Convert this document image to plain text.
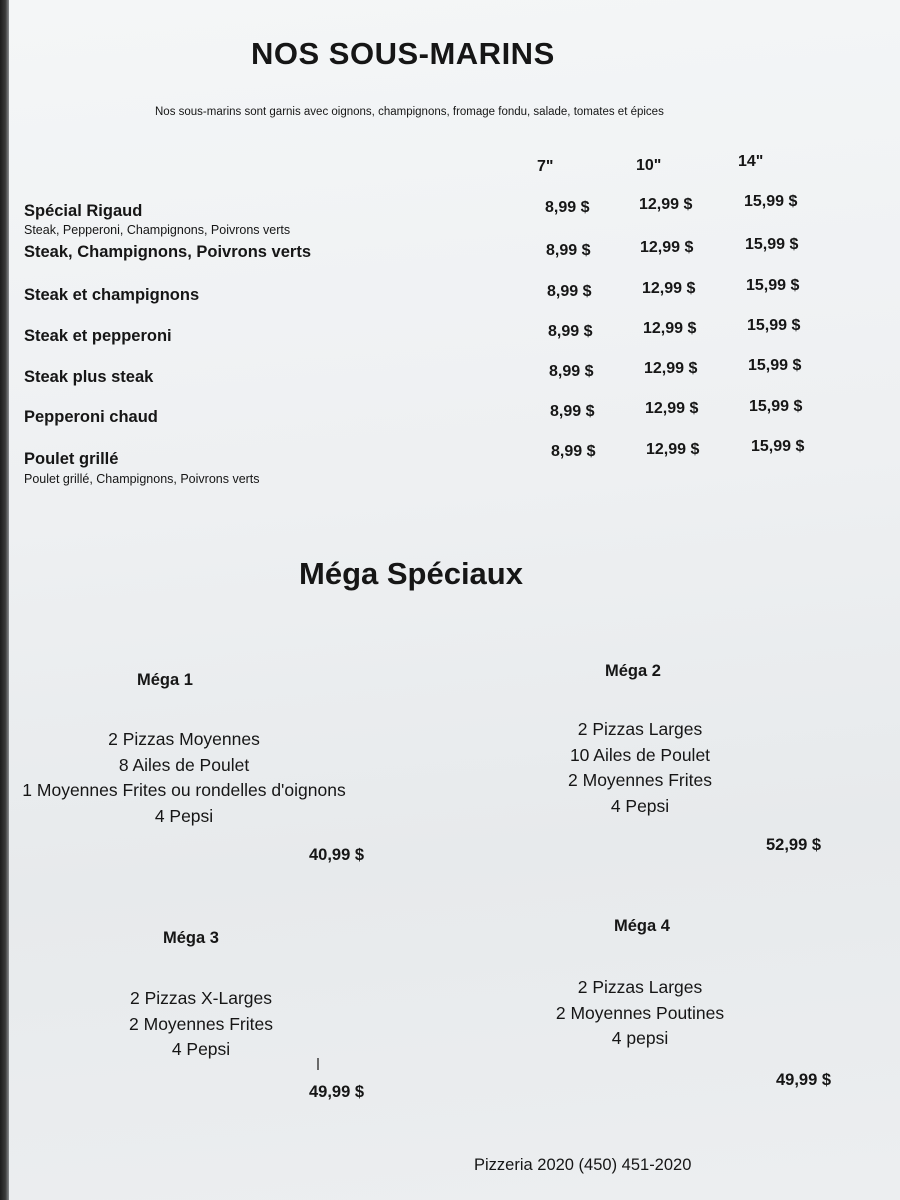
NOS SOUS-MARINS
Nos sous-marins sont garnis avec oignons, champignons, fromage fondu, salade, tomates et épices
7"	10"	14"
Spécial Rigaud
Steak, Pepperoni, Champignons, Poivrons verts
8,99 $	12,99 $	15,99 $
Steak, Champignons, Poivrons verts	8,99 $	12,99 $	15,99 $
Steak et champignons	8,99 $	12,99 $	15,99 $
Steak et pepperoni	8,99 $	12,99 $	15,99 $
Steak plus steak	8,99 $	12,99 $	15,99 $
Pepperoni chaud	8,99 $	12,99 $	15,99 $
Poulet grillé
Poulet grillé, Champignons, Poivrons verts
8,99 $	12,99 $	15,99 $
Méga Spéciaux
Méga 1
2 Pizzas Moyennes
8 Ailes de Poulet
1 Moyennes Frites ou rondelles d'oignons
4 Pepsi
40,99 $
Méga 2
2 Pizzas Larges
10 Ailes de Poulet
2 Moyennes Frites
4 Pepsi
52,99 $
Méga 3
2 Pizzas X-Larges
2 Moyennes Frites
4 Pepsi
49,99 $
Méga 4
2 Pizzas Larges
2 Moyennes Poutines
4 pepsi
49,99 $
Pizzeria 2020 (450) 451-2020
